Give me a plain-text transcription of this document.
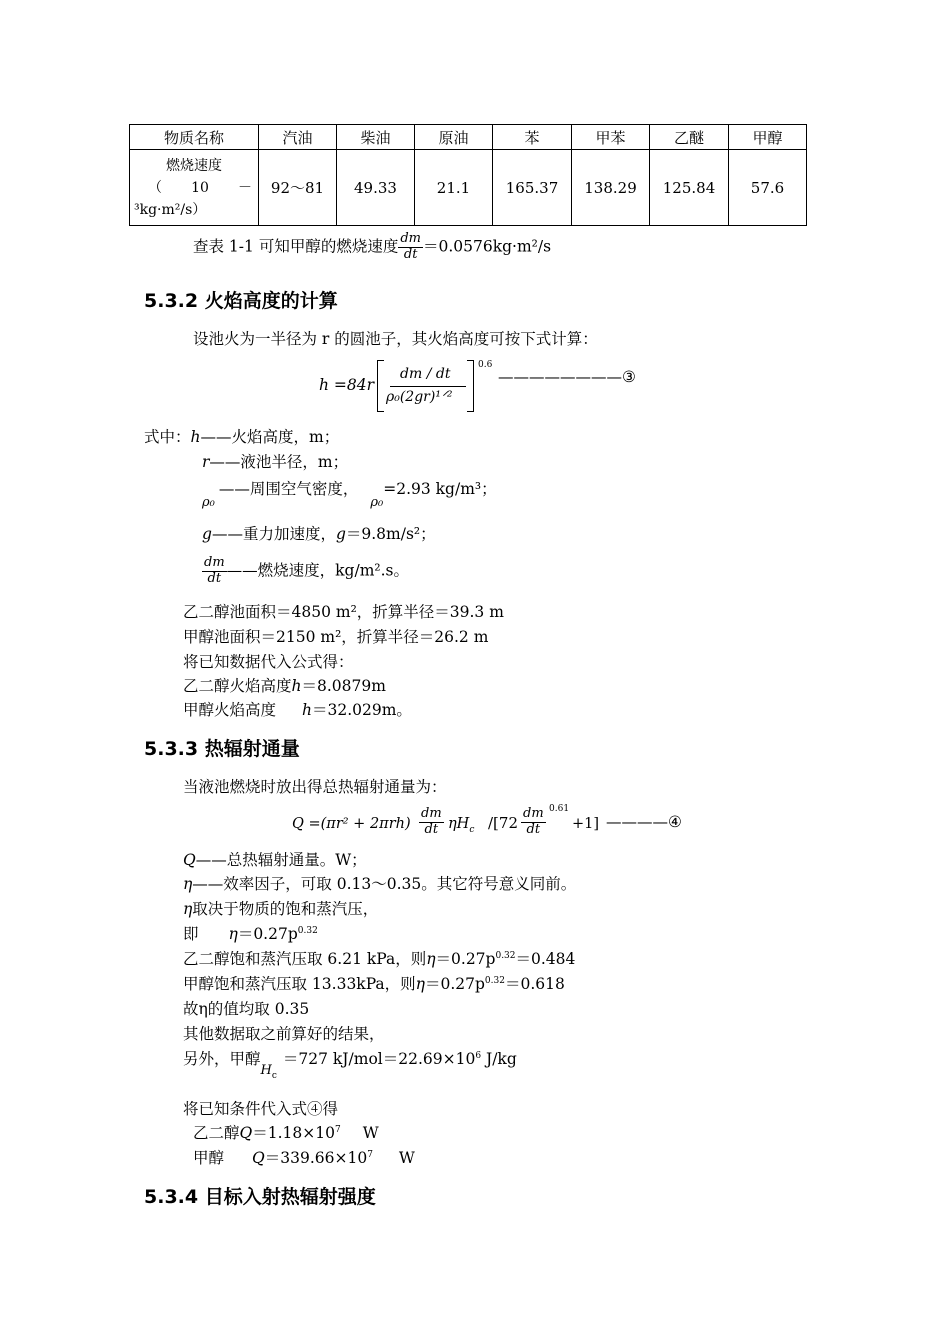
物质名称	汽油	柴油	原油	苯	甲苯	乙醚	甲醇

燃烧速度
（ 10 －
³kg·m²/s）	92～81	49.33	21.1	165.37	138.29	125.84	57.6
查表 1-1 可知甲醇的燃烧速度 $\frac{dm}{dt} =0.0576kg\cdot m^2/s$
5.3.2 火焰高度的计算
设池火为一半径为 r 的圆池子，其火焰高度可按下式计算：
h =84r
dm / dt
ρ₀(2gr)¹ᐟ²
0.6
————————③
式中：h——火焰高度，m；
r——液池半径，m；
$_{\rho_0}$——周围空气密度，$_{\rho_0}$=2.93 kg/m³；
g——重力加速度，g＝9.8m/s²；
$\frac{dm}{dt}$ ——燃烧速度，kg/m².s。
乙二醇池面积＝4850 m²，折算半径＝39.3 m
甲醇池面积＝2150 m²，折算半径＝26.2 m
将已知数据代入公式得：
乙二醇火焰高度h＝8.0879m
甲醇火焰高度 h＝32.029m。
5.3.3 热辐射通量
当液池燃烧时放出得总热辐射通量为：
$Q =(\pi r^2 + 2\pi rh) \frac{dm}{dt} \eta H_c$ $/[72 \frac{dm}{dt} 0.61$
+1] ————④
Q——总热辐射通量。W；
η——效率因子，可取 0.13～0.35。其它符号意义同前。
η取决于物质的饱和蒸汽压，
即 $\eta=0.27p^{0.32}$
乙二醇饱和蒸汽压取 6.21 kPa，则$\eta=0.27p^{0.32}=0.484$
甲醇饱和蒸汽压取 13.33kPa，则$\eta=0.27p^{0.32}=0.618$
故η的值均取 0.35
其他数据取之前算好的结果，
另外，甲醇$_{Hc}$＝727 $kJ/mol=22.69\times 10^6$ J/kg
将已知条件代入式④得
乙二醇$Q=1.18\times 10^7$ W
甲醇 $Q=339.66\times 10^7$ W
5.3.4 目标入射热辐射强度
